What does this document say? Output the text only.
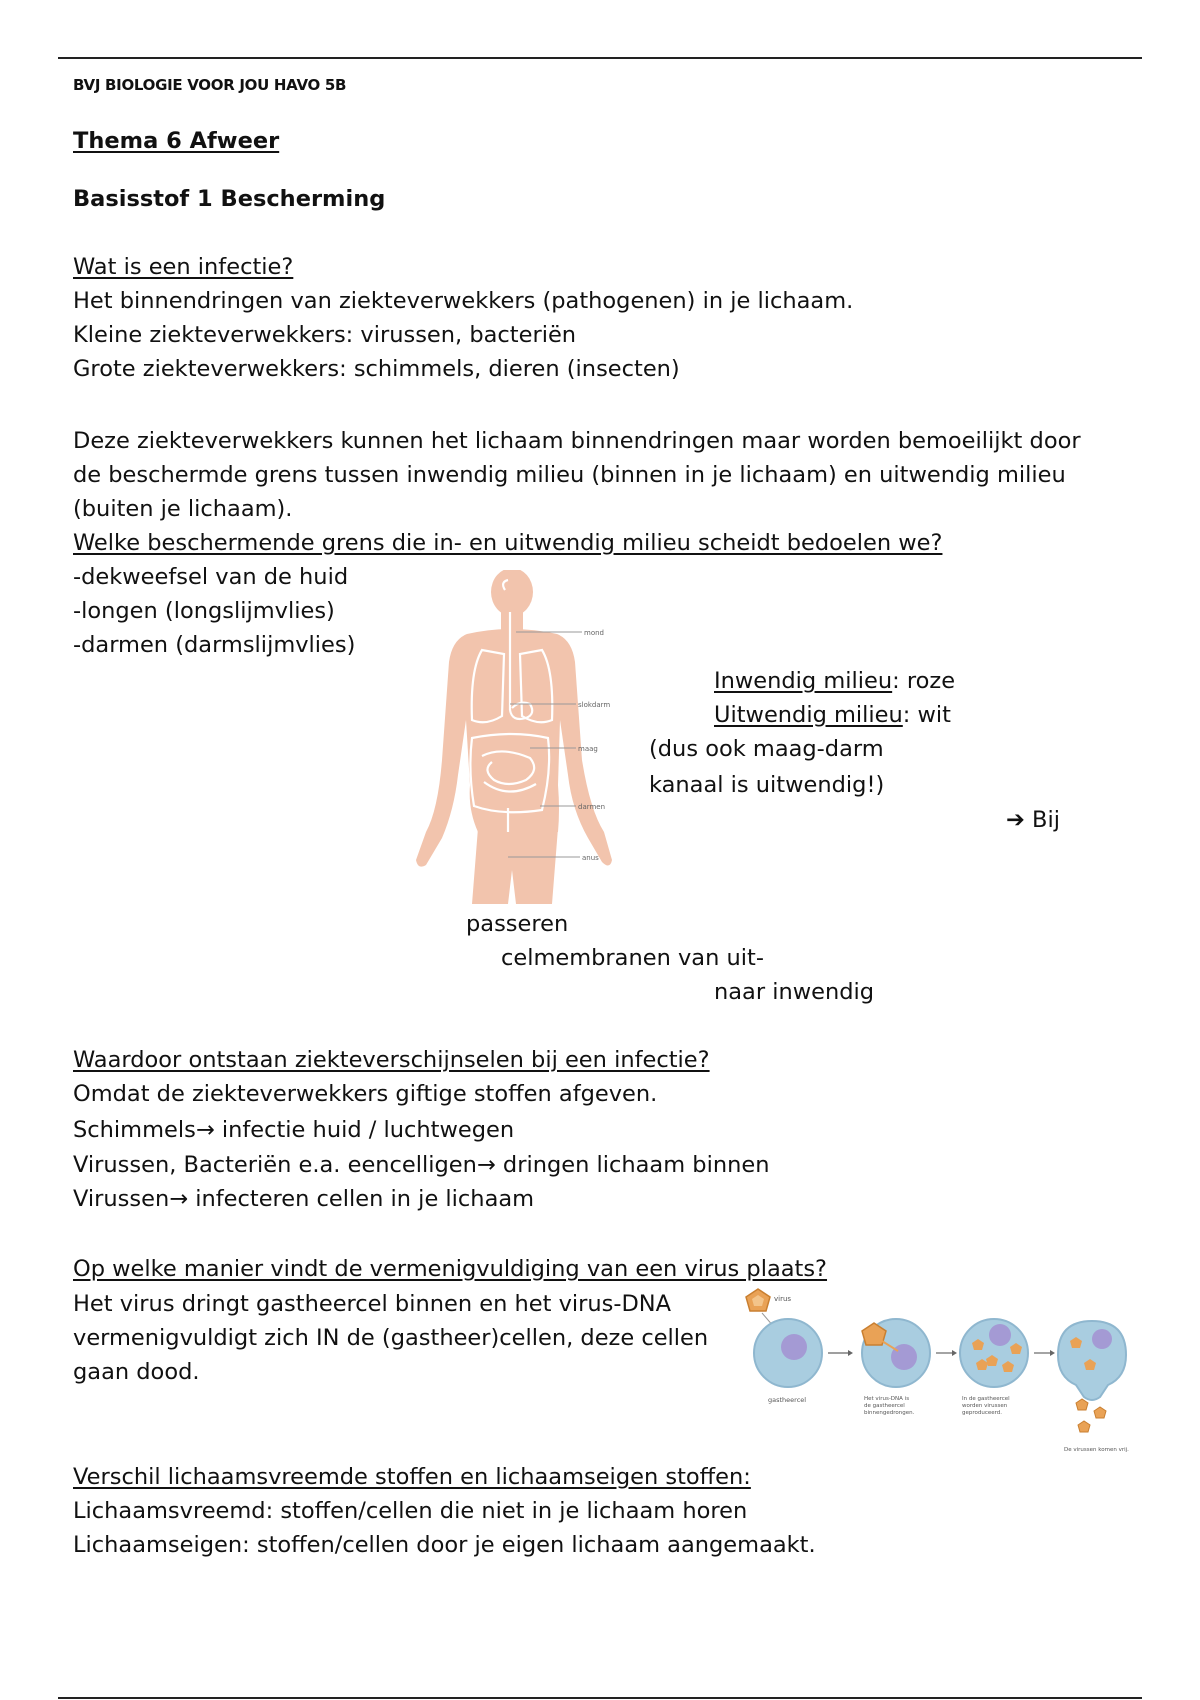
BVJ BIOLOGIE VOOR JOU HAVO 5B
Thema 6 Afweer
Basisstof 1 Bescherming
Wat is een infectie?
Het binnendringen van ziekteverwekkers (pathogenen) in je lichaam.
Kleine ziekteverwekkers: virussen, bacteriën
Grote ziekteverwekkers: schimmels, dieren (insecten)
Deze ziekteverwekkers kunnen het lichaam binnendringen maar worden bemoeilijkt door
de beschermde grens tussen inwendig milieu (binnen in je lichaam) en uitwendig milieu
(buiten je lichaam).
Welke beschermende grens die in- en uitwendig milieu scheidt bedoelen we?
-dekweefsel van de huid
-longen (longslijmvlies)
-darmen (darmslijmvlies)	mond
slokdarm
maag
darmen
anus
Inwendig milieu: roze
Uitwendig milieu: wit
(dus ook maag-darm
kanaal is uitwendig!)
➔ Bij
passeren
celmembranen van uit-
naar inwendig
Waardoor ontstaan ziekteverschijnselen bij een infectie?
Omdat de ziekteverwekkers giftige stoffen afgeven.
Schimmels→ infectie huid / luchtwegen
Virussen, Bacteriën e.a. eencelligen→ dringen lichaam binnen
Virussen→ infecteren cellen in je lichaam
Op welke manier vindt de vermenigvuldiging van een virus plaats?
Het virus dringt gastheercel binnen en het virus-DNA
vermenigvuldigt zich IN de (gastheer)cellen, deze cellen
gaan dood.
virus
gastheercel	Het virus-DNA is
de gastheercel
binnengedrongen.
In de gastheercel
worden virussen
geproduceerd.
De virussen komen vrij.
Verschil lichaamsvreemde stoffen en lichaamseigen stoffen:
Lichaamsvreemd: stoffen/cellen die niet in je lichaam horen
Lichaamseigen: stoffen/cellen door je eigen lichaam aangemaakt.
